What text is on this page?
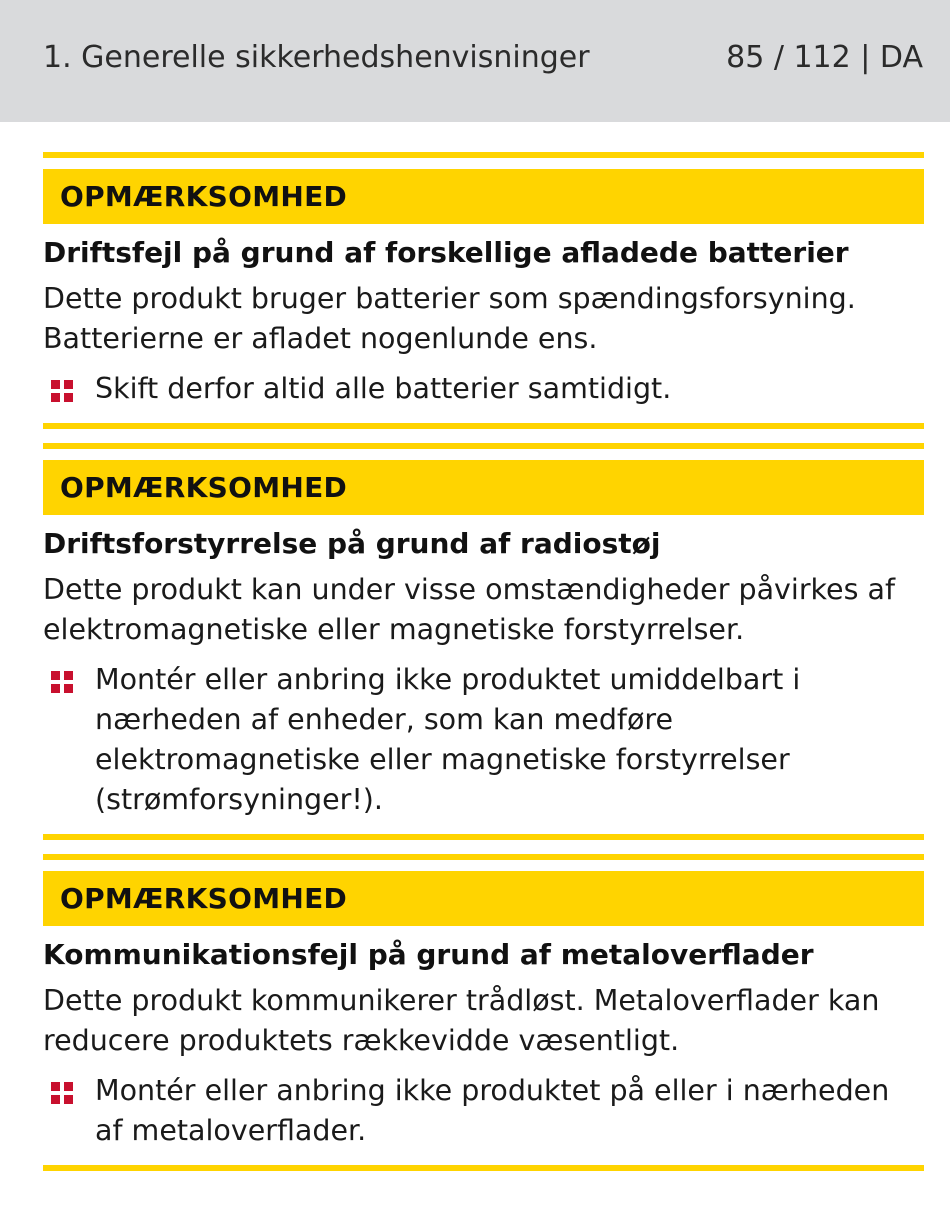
1. Generelle sikkerhedshenvisninger	85 / 112 | DA
OPMÆRKSOMHED
Driftsfejl på grund af forskellige afladede batterier
Dette produkt bruger batterier som spændingsforsyning. Batterierne er afladet nogenlunde ens.
Skift derfor altid alle batterier samtidigt.
OPMÆRKSOMHED
Driftsforstyrrelse på grund af radiostøj
Dette produkt kan under visse omstændigheder påvirkes af elektromagnetiske eller magnetiske forstyrrelser.
Montér eller anbring ikke produktet umiddelbart i nærheden af enheder, som kan medføre elektromagnetiske eller magnetiske forstyrrelser (strømforsyninger!).
OPMÆRKSOMHED
Kommunikationsfejl på grund af metaloverflader
Dette produkt kommunikerer trådløst. Metaloverflader kan reducere produktets rækkevidde væsentligt.
Montér eller anbring ikke produktet på eller i nærheden af metaloverflader.
